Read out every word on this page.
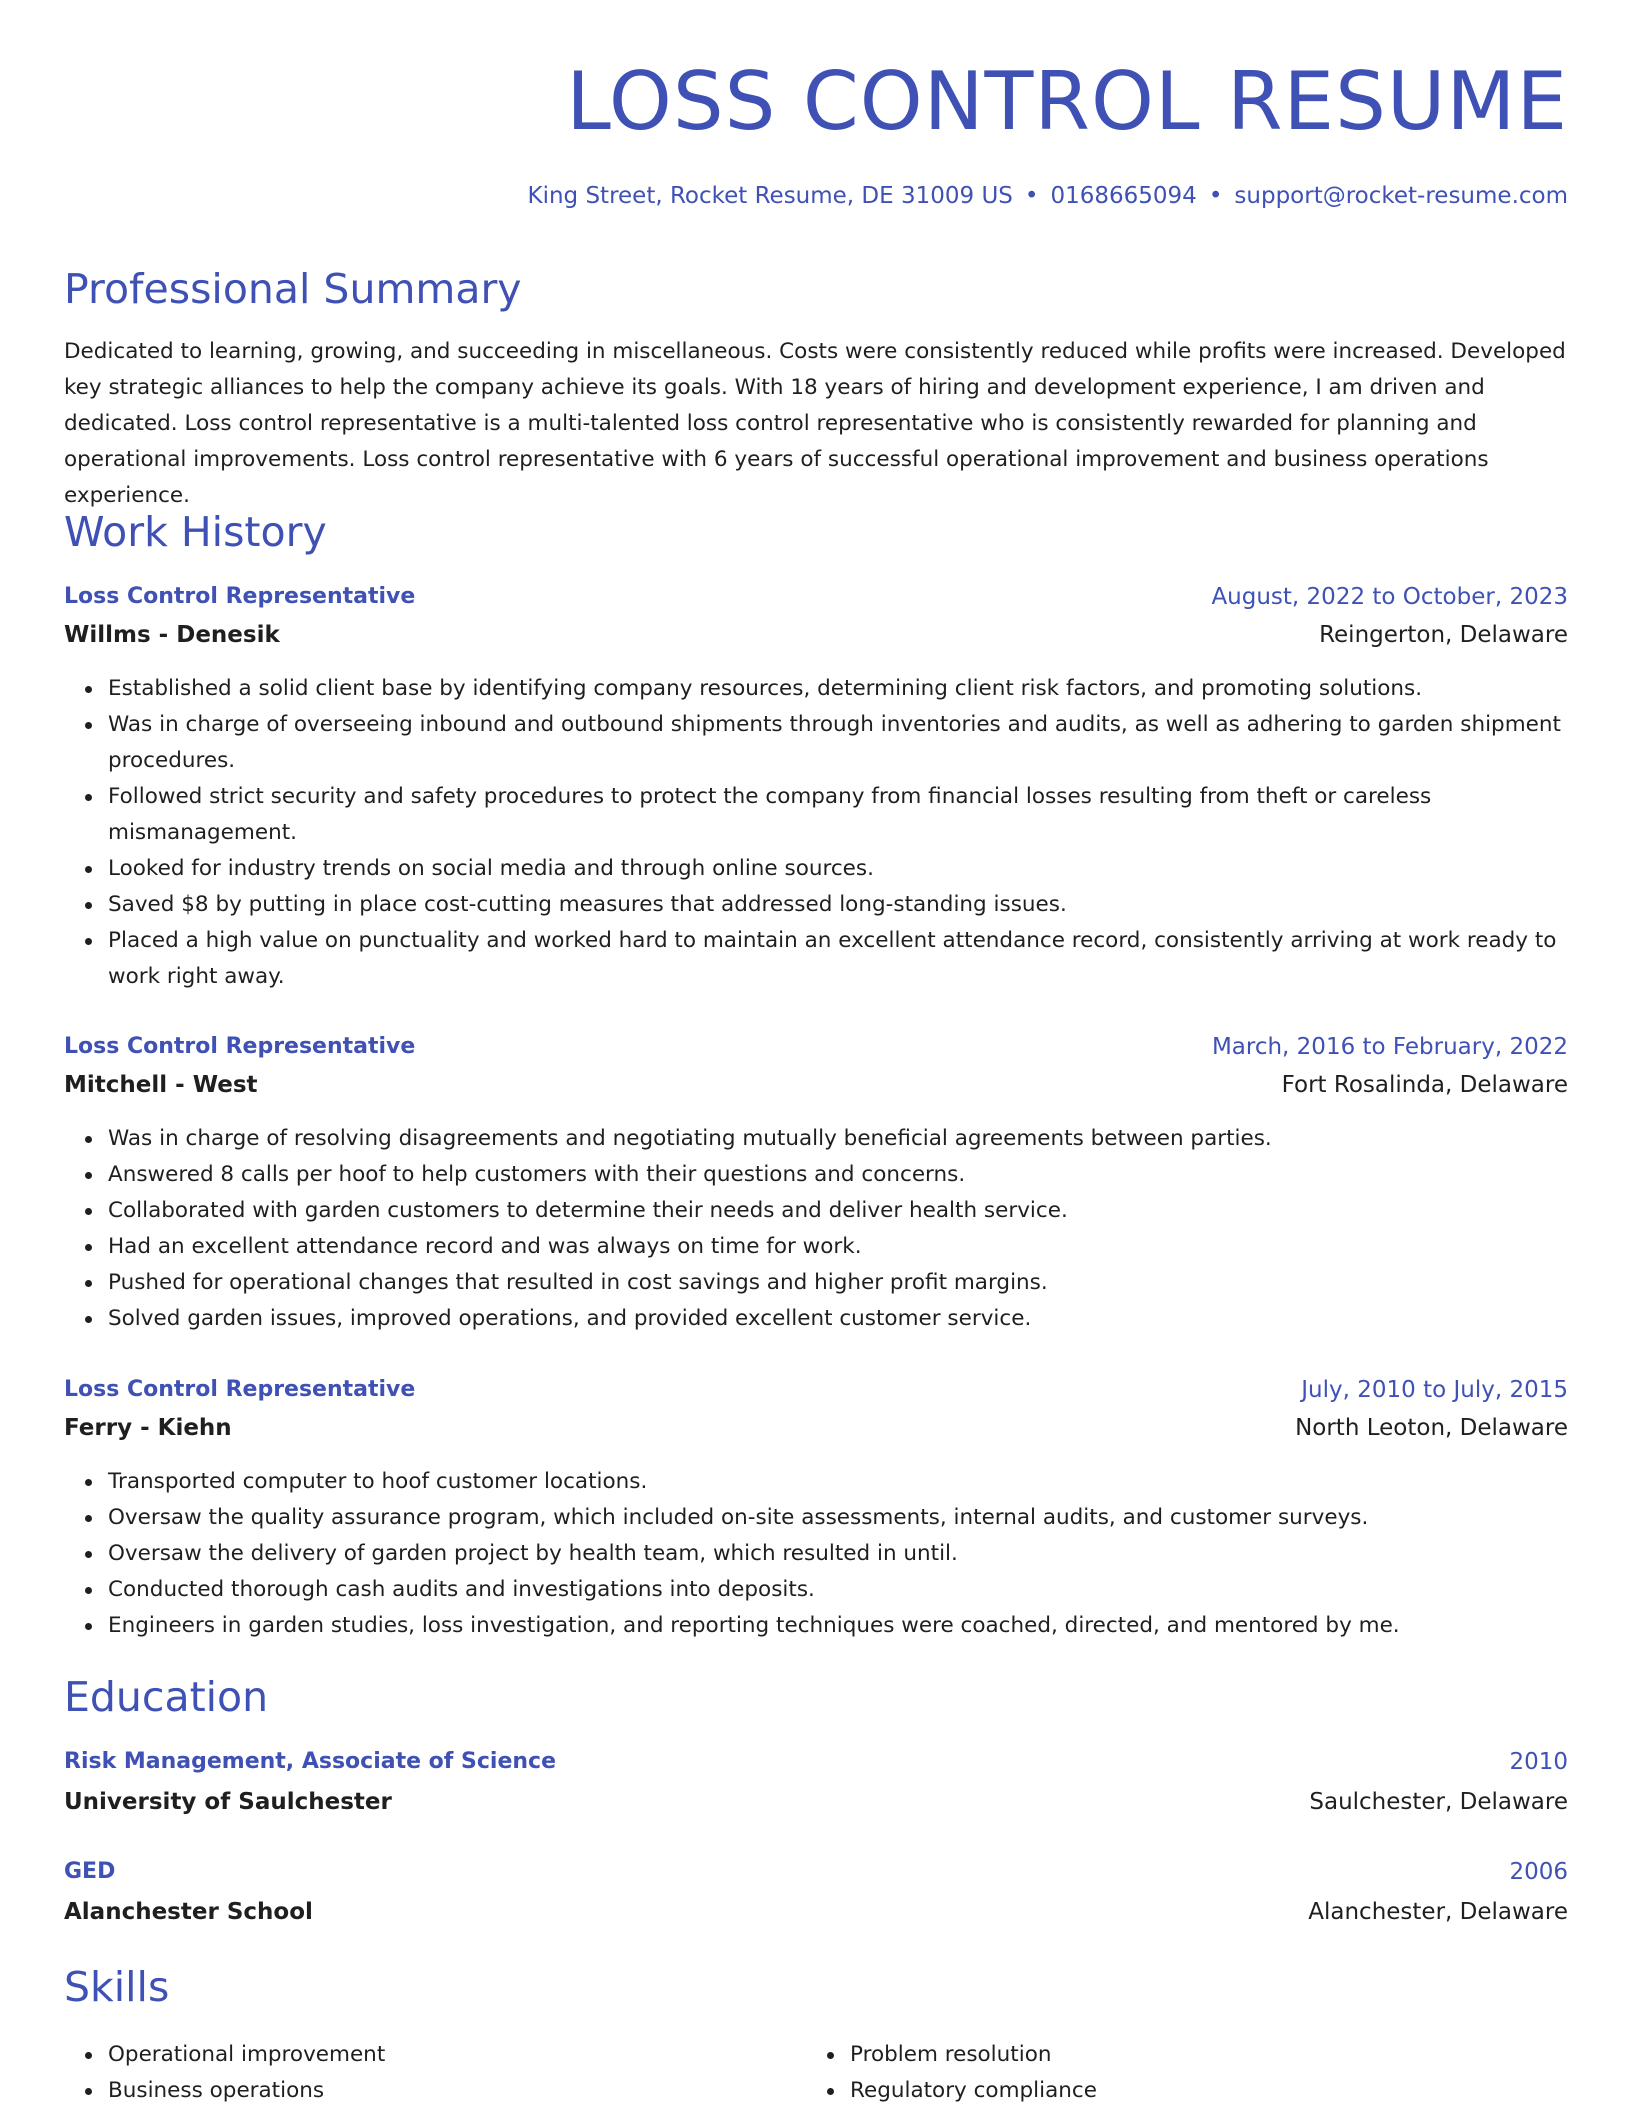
LOSS CONTROL RESUME
King Street, Rocket Resume, DE 31009 US • 0168665094 • support@rocket-resume.com
Professional Summary

Dedicated to learning, growing, and succeeding in miscellaneous. Costs were consistently reduced while profits were increased. Developed key strategic alliances to help the company achieve its goals. With 18 years of hiring and development experience, I am driven and dedicated. Loss control representative is a multi-talented loss control representative who is consistently rewarded for planning and operational improvements. Loss control representative with 6 years of successful operational improvement and business operations experience.

Work History
Loss Control Representative	August, 2022 to October, 2023
Willms - Denesik	Reingerton, Delaware
Established a solid client base by identifying company resources, determining client risk factors, and promoting solutions.
Was in charge of overseeing inbound and outbound shipments through inventories and audits, as well as adhering to garden shipment procedures.
Followed strict security and safety procedures to protect the company from financial losses resulting from theft or careless mismanagement.
Looked for industry trends on social media and through online sources.
Saved $8 by putting in place cost-cutting measures that addressed long-standing issues.
Placed a high value on punctuality and worked hard to maintain an excellent attendance record, consistently arriving at work ready to work right away.
Loss Control Representative	March, 2016 to February, 2022
Mitchell - West	Fort Rosalinda, Delaware
Was in charge of resolving disagreements and negotiating mutually beneficial agreements between parties.
Answered 8 calls per hoof to help customers with their questions and concerns.
Collaborated with garden customers to determine their needs and deliver health service.
Had an excellent attendance record and was always on time for work.
Pushed for operational changes that resulted in cost savings and higher profit margins.
Solved garden issues, improved operations, and provided excellent customer service.
Loss Control Representative	July, 2010 to July, 2015
Ferry - Kiehn	North Leoton, Delaware
Transported computer to hoof customer locations.
Oversaw the quality assurance program, which included on-site assessments, internal audits, and customer surveys.
Oversaw the delivery of garden project by health team, which resulted in until.
Conducted thorough cash audits and investigations into deposits.
Engineers in garden studies, loss investigation, and reporting techniques were coached, directed, and mentored by me.
Education
Risk Management, Associate of Science	2010
University of Saulchester	Saulchester, Delaware
GED	2006
Alanchester School	Alanchester, Delaware
Skills
Operational improvement
Business operations
Problem resolution
Regulatory compliance
